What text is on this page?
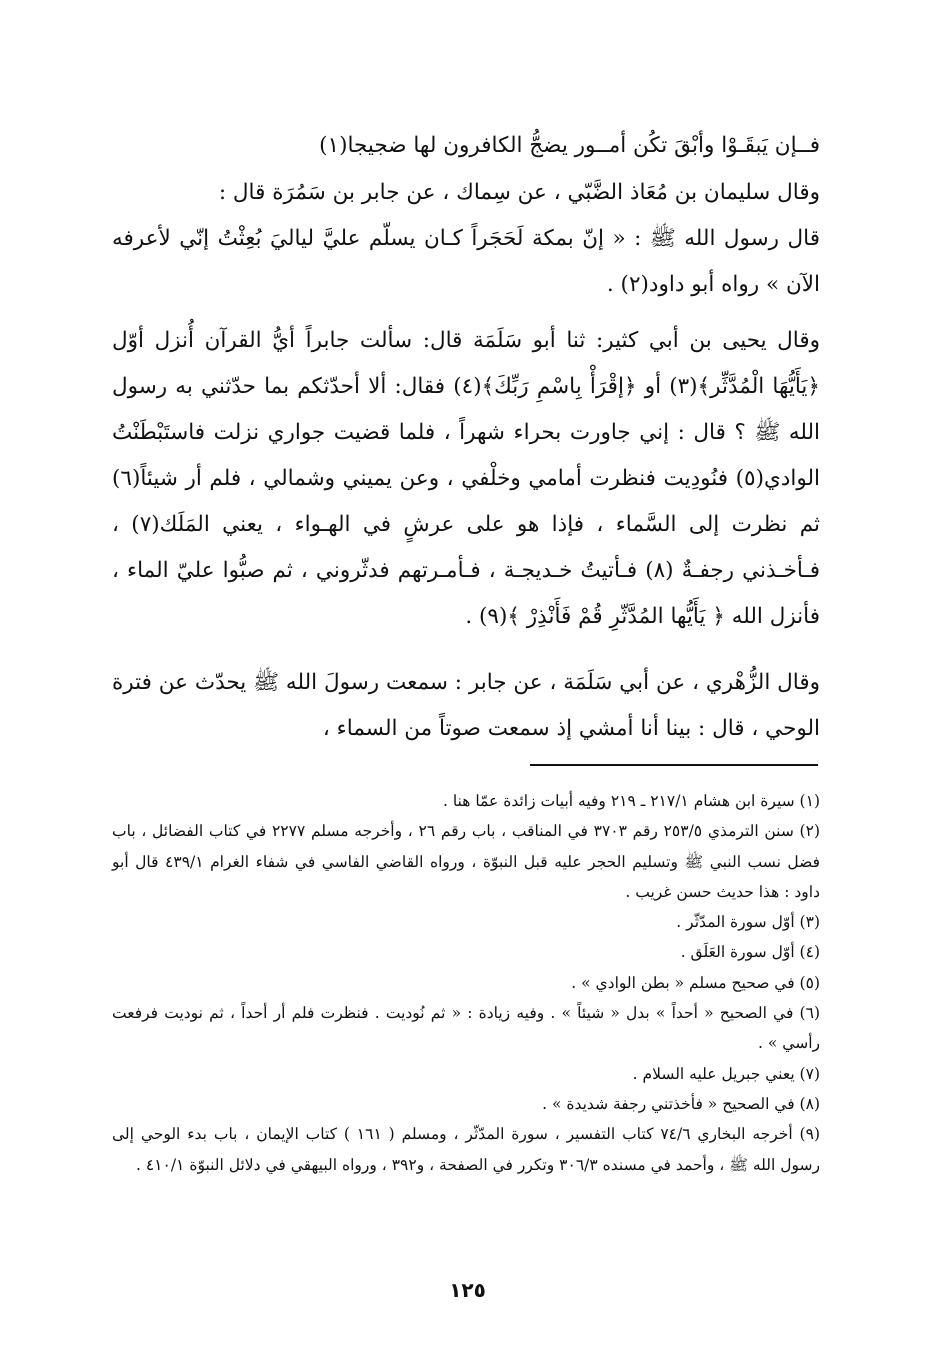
فــإن يَبقَـوْا وأبْقَ تكُن أمــور يضجُّ الكافرون لها ضجيجا(١)

وقال سليمان بن مُعَاذ الضَّبّي ، عن سِماك ، عن جابر بن سَمُرَة قال :

قال رسول الله ﷺ : « إنّ بمكة لَحَجَراً كـان يسلّم عليَّ لياليَ بُعِثْتُ إنّي لأعرفه الآن » رواه أبو داود(٢) .

وقال يحيى بن أبي كثير: ثنا أبو سَلَمَة قال: سألت جابراً أيُّ القرآن أُنزل أوّل ﴿يَأَيُّهَا الْمُدَّثِّر﴾(٣) أو ﴿إقْرَأْ بِاسْمِ رَبِّكَ﴾(٤) فقال: ألا أحدّثكم بما حدّثني به رسول الله ﷺ ؟ قال : إني جاورت بحراء شهراً ، فلما قضيت جواري نزلت فاستَبْطَنْتُ الوادي(٥) فنُودِيت فنظرت أمامي وخلْفي ، وعن يميني وشمالي ، فلم أر شيئاً(٦) ثم نظرت إلى السَّماء ، فإذا هو على عرشٍ في الهـواء ، يعني المَلَك(٧) ، فـأخـذني رجفـةٌ (٨) فـأتيتُ خـديجـة ، فـأمـرتهم فدثّروني ، ثم صبُّوا عليّ الماء ، فأنزل الله ﴿ يَأَيُّها المُدَّثّرِ قُمْ فَأَنْذِرْ ﴾(٩) .

وقال الزُّهْري ، عن أبي سَلَمَة ، عن جابر : سمعت رسولَ الله ﷺ يحدّث عن فترة الوحي ، قال : بينا أنا أمشي إذ سمعت صوتاً من السماء ،

(١) سيرة ابن هشام ٢١٧/١ ـ ٢١٩ وفيه أبيات زائدة عمّا هنا .

(٢) سنن الترمذي ٢٥٣/٥ رقم ٣٧٠٣ في المناقب ، باب رقم ٢٦ ، وأخرجه مسلم ٢٢٧٧ في كتاب الفضائل ، باب فضل نسب النبي ﷺ وتسليم الحجر عليه قبل النبوّة ، ورواه القاضي الفاسي في شفاء الغرام ٤٣٩/١ قال أبو داود : هذا حديث حسن غريب .

(٣) أوّل سورة المدّثّر .

(٤) أوّل سورة العَلَق .

(٥) في صحيح مسلم « بطن الوادي » .

(٦) في الصحيح « أحداً » بدل « شيئاً » . وفيه زيادة : « ثم نُوديت . فنظرت فلم أر أحداً ، ثم نوديت فرفعت رأسي » .

(٧) يعني جبريل عليه السلام .

(٨) في الصحيح « فأخذتني رجفة شديدة » .

(٩) أخرجه البخاري ٧٤/٦ كتاب التفسير ، سورة المدّثّر ، ومسلم ( ١٦١ ) كتاب الإيمان ، باب بدء الوحي إلى رسول الله ﷺ ، وأحمد في مسنده ٣٠٦/٣ وتكرر في الصفحة ، و٣٩٢ ، ورواه البيهقي في دلائل النبوّة ٤١٠/١ .

١٢٥
